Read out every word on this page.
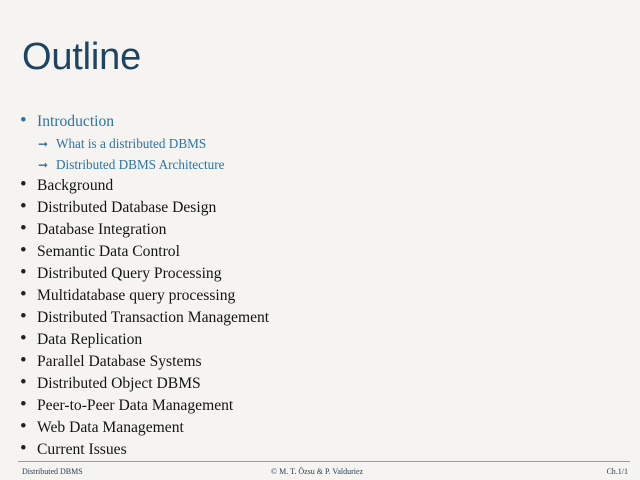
Outline
• Introduction
➞ What is a distributed DBMS
➞ Distributed DBMS Architecture
• Background
• Distributed Database Design
• Database Integration
• Semantic Data Control
• Distributed Query Processing
• Multidatabase query processing
• Distributed Transaction Management
• Data Replication
• Parallel Database Systems
• Distributed Object DBMS
• Peer-to-Peer Data Management
• Web Data Management
• Current Issues
Distributed DBMS	© M. T. Özsu & P. Valduriez	Ch.1/1
